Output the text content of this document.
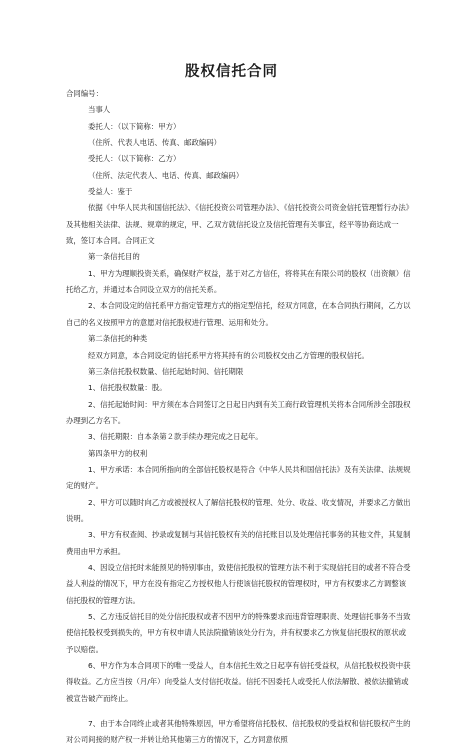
股权信托合同

合同编号：

当事人

委托人：（以下简称：甲方）

（住所、代表人电话、传真、邮政编码）

受托人：（以下简称：乙方）

（住所、法定代表人、电话、传真、邮政编码）

受益人：鉴于

依据《中华人民共和国信托法》、《信托投资公司管理办法》、《信托投资公司资金信托管理暂行办法》及其他相关法律、法规、规章的规定，甲、乙双方就信托设立及信托管理有关事宜，经平等协商达成一致，签订本合同。合同正文

第一条信托目的

1、甲方为理顺投资关系，确保财产权益，基于对乙方信任，将将其在有限公司的股权（出资额）信托给乙方，并通过本合同设立双方的信托关系。

2、本合同设定的信托系甲方指定管理方式的指定型信托，经双方同意，在本合同执行期间，乙方以自己的名义按照甲方的意愿对信托股权进行管理、运用和处分。

第二条信托的种类

经双方同意，本合同设定的信托系甲方将其持有的公司股权交由乙方管理的股权信托。

第三条信托股权数量、信托起始时间、信托期限

1、信托股权数量：股。

2、信托起始时间：甲方须在本合同签订之日起日内到有关工商行政管理机关将本合同所涉全部股权办理到乙方名下。

3、信托期限：自本条第２款手续办理完成之日起年。

第四条甲方的权利

1、甲方承诺：本合同所指向的全部信托股权是符合《中华人民共和国信托法》及有关法律、法规规定的财产。

2、甲方可以随时向乙方或被授权人了解信托股权的管理、处分、收益、收支情况，并要求乙方做出说明。

3、甲方有权查阅、抄录或复制与其信托股权有关的信托账目以及处理信托事务的其他文件，其复制费用由甲方承担。

4、因设立信托时未能预见的特别事由，致使信托股权的管理方法不利于实现信托目的或者不符合受益人利益的情况下，甲方在没有指定乙方授权他人行使该信托股权的管理权时，甲方有权要求乙方调整该信托股权的管理方法。

5、乙方违反信托目的处分信托股权或者不因甲方的特殊要求而违背管理职责、处理信托事务不当致使信托股权受到损失的，甲方有权申请人民法院撤销该处分行为，并有权要求乙方恢复信托股权的原状或予以赔偿。

6、甲方作为本合同项下的唯一受益人，自本信托生效之日起享有信托受益权，从信托股权投资中获得收益。乙方应当按（月/年）向受益人支付信托收益。信托不因委托人或受托人依法解散、被依法撤销或被宣告破产而终止。

7、由于本合同终止或者其他特殊原因，甲方希望将信托股权、信托股权的受益权和信托股权产生的对公司间接的财产权一并转让给其他第三方的情况下，乙方同意依照
